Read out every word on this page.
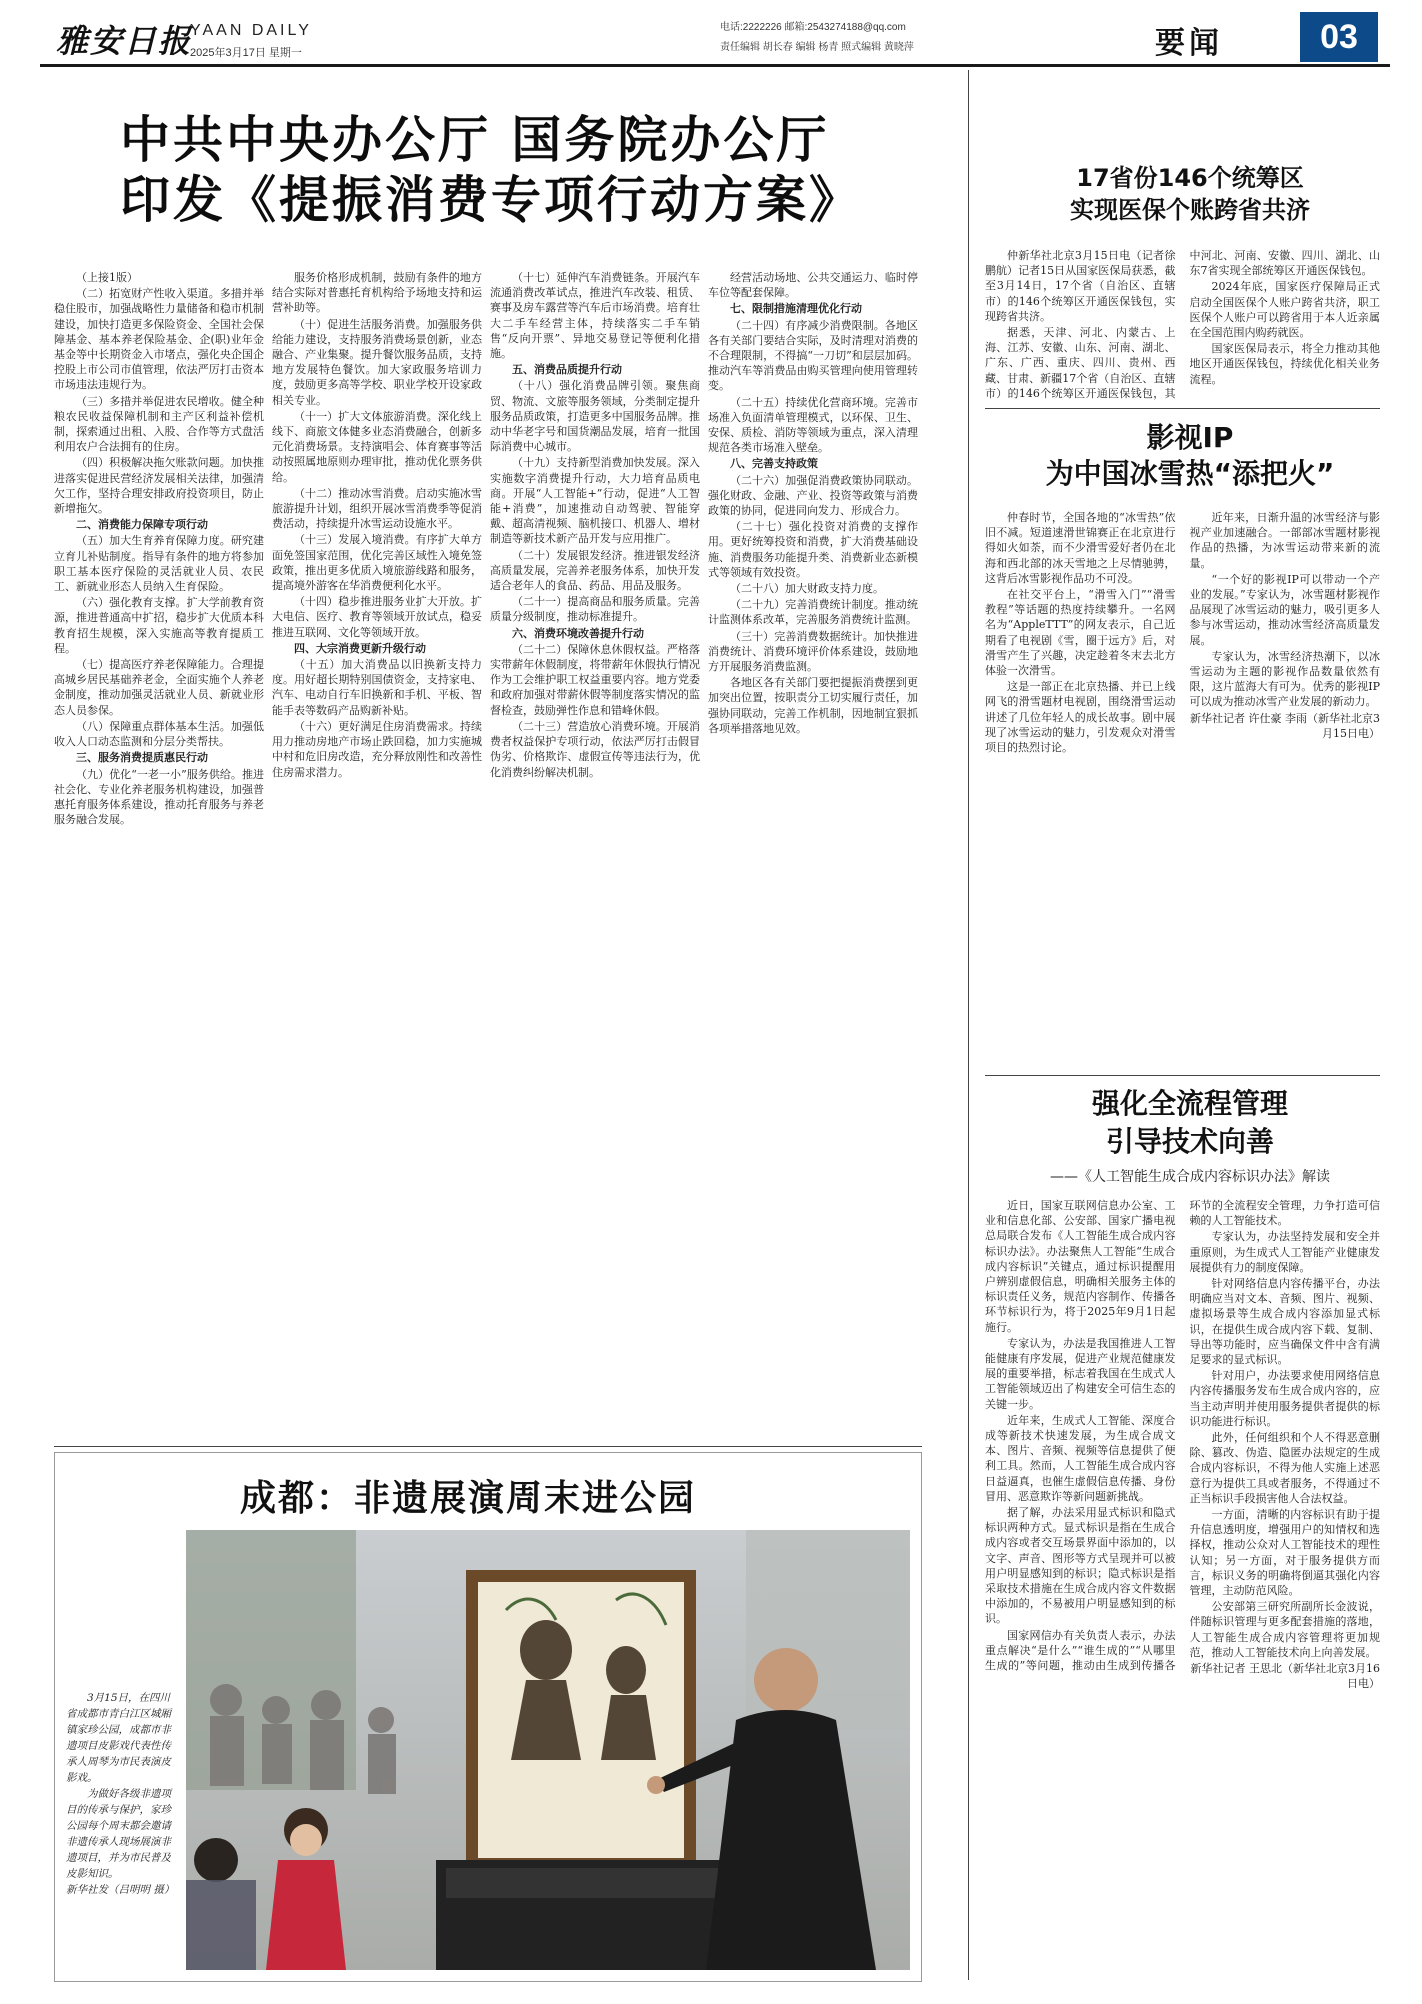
雅安日报
YAAN DAILY
2025年3月17日 星期一
电话:2222226 邮箱:2543274188@qq.com
责任编辑 胡长春 编辑 杨青 照式编辑 黄晓萍	要闻	03
中共中央办公厅 国务院办公厅
印发《提振消费专项行动方案》

（上接1版）

（二）拓宽财产性收入渠道。多措并举稳住股市，加强战略性力量储备和稳市机制建设，加快打造更多保险资金、全国社会保障基金、基本养老保险基金、企(职)业年金基金等中长期资金入市堵点，强化央企国企控股上市公司市值管理，依法严厉打击资本市场违法违规行为。

（三）多措并举促进农民增收。健全种粮农民收益保障机制和主产区利益补偿机制，探索通过出租、入股、合作等方式盘活利用农户合法拥有的住房。

（四）积极解决拖欠账款问题。加快推进落实促进民营经济发展相关法律，加强清欠工作，坚持合理安排政府投资项目，防止新增拖欠。

二、消费能力保障专项行动

（五）加大生育养育保障力度。研究建立育儿补贴制度。指导有条件的地方将参加职工基本医疗保险的灵活就业人员、农民工、新就业形态人员纳入生育保险。

（六）强化教育支撑。扩大学前教育资源，推进普通高中扩招，稳步扩大优质本科教育招生规模，深入实施高等教育提质工程。

（七）提高医疗养老保障能力。合理提高城乡居民基础养老金，全面实施个人养老金制度，推动加强灵活就业人员、新就业形态人员参保。

（八）保障重点群体基本生活。加强低收入人口动态监测和分层分类帮扶。

三、服务消费提质惠民行动

（九）优化“一老一小”服务供给。推进社会化、专业化养老服务机构建设，加强普惠托育服务体系建设，推动托育服务与养老服务融合发展。

服务价格形成机制，鼓励有条件的地方结合实际对普惠托育机构给予场地支持和运营补助等。

（十）促进生活服务消费。加强服务供给能力建设，支持服务消费场景创新，业态融合、产业集聚。提升餐饮服务品质，支持地方发展特色餐饮。加大家政服务培训力度，鼓励更多高等学校、职业学校开设家政相关专业。

（十一）扩大文体旅游消费。深化线上线下、商旅文体健多业态消费融合，创新多元化消费场景。支持演唱会、体育赛事等活动按照属地原则办理审批，推动优化票务供给。

（十二）推动冰雪消费。启动实施冰雪旅游提升计划，组织开展冰雪消费季等促消费活动，持续提升冰雪运动设施水平。

（十三）发展入境消费。有序扩大单方面免签国家范围，优化完善区域性入境免签政策，推出更多优质入境旅游线路和服务，提高境外游客在华消费便利化水平。

（十四）稳步推进服务业扩大开放。扩大电信、医疗、教育等领域开放试点，稳妥推进互联网、文化等领域开放。

四、大宗消费更新升级行动

（十五）加大消费品以旧换新支持力度。用好超长期特别国债资金，支持家电、汽车、电动自行车旧换新和手机、平板、智能手表等数码产品购新补贴。

（十六）更好满足住房消费需求。持续用力推动房地产市场止跌回稳，加力实施城中村和危旧房改造，充分释放刚性和改善性住房需求潜力。

（十七）延伸汽车消费链条。开展汽车流通消费改革试点，推进汽车改装、租赁、赛事及房车露营等汽车后市场消费。培育壮大二手车经营主体，持续落实二手车销售“反向开票”、异地交易登记等便利化措施。

五、消费品质提升行动

（十八）强化消费品牌引领。聚焦商贸、物流、文旅等服务领域，分类制定提升服务品质政策，打造更多中国服务品牌。推动中华老字号和国货潮品发展，培育一批国际消费中心城市。

（十九）支持新型消费加快发展。深入实施数字消费提升行动，大力培育品质电商。开展“人工智能+”行动，促进“人工智能+消费”，加速推动自动驾驶、智能穿戴、超高清视频、脑机接口、机器人、增材制造等新技术新产品开发与应用推广。

（二十）发展银发经济。推进银发经济高质量发展，完善养老服务体系，加快开发适合老年人的食品、药品、用品及服务。

（二十一）提高商品和服务质量。完善质量分级制度，推动标准提升。

六、消费环境改善提升行动

（二十二）保障休息休假权益。严格落实带薪年休假制度，将带薪年休假执行情况作为工会维护职工权益重要内容。地方党委和政府加强对带薪休假等制度落实情况的监督检查，鼓励弹性作息和错峰休假。

（二十三）营造放心消费环境。开展消费者权益保护专项行动，依法严厉打击假冒伪劣、价格欺诈、虚假宣传等违法行为，优化消费纠纷解决机制。

经营活动场地、公共交通运力、临时停车位等配套保障。

七、限制措施清理优化行动

（二十四）有序减少消费限制。各地区各有关部门要结合实际，及时清理对消费的不合理限制，不得搞“一刀切”和层层加码。推动汽车等消费品由购买管理向使用管理转变。

（二十五）持续优化营商环境。完善市场准入负面清单管理模式，以环保、卫生、安保、质检、消防等领域为重点，深入清理规范各类市场准入壁垒。

八、完善支持政策

（二十六）加强促消费政策协同联动。强化财政、金融、产业、投资等政策与消费政策的协同，促进同向发力、形成合力。

（二十七）强化投资对消费的支撑作用。更好统筹投资和消费，扩大消费基础设施、消费服务功能提升类、消费新业态新模式等领域有效投资。

（二十八）加大财政支持力度。

（二十九）完善消费统计制度。推动统计监测体系改革，完善服务消费统计监测。

（三十）完善消费数据统计。加快推进消费统计、消费环境评价体系建设，鼓励地方开展服务消费监测。

各地区各有关部门要把提振消费摆到更加突出位置，按职责分工切实履行责任，加强协同联动，完善工作机制，因地制宜狠抓各项举措落地见效。

17省份146个统筹区
实现医保个账跨省共济

仲新华社北京3月15日电（记者徐鹏航）记者15日从国家医保局获悉，截至3月14日，17个省（自治区、直辖市）的146个统筹区开通医保钱包，实现跨省共济。

据悉，天津、河北、内蒙古、上海、江苏、安徽、山东、河南、湖北、广东、广西、重庆、四川、贵州、西藏、甘肃、新疆17个省（自治区、直辖市）的146个统筹区开通医保钱包，其中河北、河南、安徽、四川、湖北、山东7省实现全部统筹区开通医保钱包。

2024年底，国家医疗保障局正式启动全国医保个人账户跨省共济，职工医保个人账户可以跨省用于本人近亲属在全国范围内购药就医。

国家医保局表示，将全力推动其他地区开通医保钱包，持续优化相关业务流程。

影视IP
为中国冰雪热“添把火”

仲春时节，全国各地的“冰雪热”依旧不减。短道速滑世锦赛正在北京进行得如火如荼，而不少滑雪爱好者仍在北海和西北部的冰天雪地之上尽情驰骋，这背后冰雪影视作品功不可没。

在社交平台上，“滑雪入门”“滑雪教程”等话题的热度持续攀升。一名网名为“AppleTTT”的网友表示，自己近期看了电视剧《雪，圈于远方》后，对滑雪产生了兴趣，决定趁着冬末去北方体验一次滑雪。

这是一部正在北京热播、并已上线网飞的滑雪题材电视剧，围绕滑雪运动讲述了几位年轻人的成长故事。剧中展现了冰雪运动的魅力，引发观众对滑雪项目的热烈讨论。

近年来，日渐升温的冰雪经济与影视产业加速融合。一部部冰雪题材影视作品的热播，为冰雪运动带来新的流量。

“一个好的影视IP可以带动一个产业的发展。”专家认为，冰雪题材影视作品展现了冰雪运动的魅力，吸引更多人参与冰雪运动，推动冰雪经济高质量发展。

专家认为，冰雪经济热潮下，以冰雪运动为主题的影视作品数量依然有限，这片蓝海大有可为。优秀的影视IP可以成为推动冰雪产业发展的新动力。

新华社记者 许仕豪 李雨（新华社北京3月15日电）

强化全流程管理
引导技术向善
——《人工智能生成合成内容标识办法》解读

近日，国家互联网信息办公室、工业和信息化部、公安部、国家广播电视总局联合发布《人工智能生成合成内容标识办法》。办法聚焦人工智能“生成合成内容标识”关键点，通过标识提醒用户辨别虚假信息，明确相关服务主体的标识责任义务，规范内容制作、传播各环节标识行为，将于2025年9月1日起施行。

专家认为，办法是我国推进人工智能健康有序发展，促进产业规范健康发展的重要举措，标志着我国在生成式人工智能领域迈出了构建安全可信生态的关键一步。

近年来，生成式人工智能、深度合成等新技术快速发展，为生成合成文本、图片、音频、视频等信息提供了便利工具。然而，人工智能生成合成内容日益逼真，也催生虚假信息传播、身份冒用、恶意欺诈等新问题新挑战。

据了解，办法采用显式标识和隐式标识两种方式。显式标识是指在生成合成内容或者交互场景界面中添加的，以文字、声音、图形等方式呈现并可以被用户明显感知到的标识；隐式标识是指采取技术措施在生成合成内容文件数据中添加的，不易被用户明显感知到的标识。

国家网信办有关负责人表示，办法重点解决“是什么”“谁生成的”“从哪里生成的”等问题，推动由生成到传播各环节的全流程安全管理，力争打造可信赖的人工智能技术。

专家认为，办法坚持发展和安全并重原则，为生成式人工智能产业健康发展提供有力的制度保障。

针对网络信息内容传播平台，办法明确应当对文本、音频、图片、视频、虚拟场景等生成合成内容添加显式标识，在提供生成合成内容下载、复制、导出等功能时，应当确保文件中含有满足要求的显式标识。

针对用户，办法要求使用网络信息内容传播服务发布生成合成内容的，应当主动声明并使用服务提供者提供的标识功能进行标识。

此外，任何组织和个人不得恶意删除、篡改、伪造、隐匿办法规定的生成合成内容标识，不得为他人实施上述恶意行为提供工具或者服务，不得通过不正当标识手段损害他人合法权益。

一方面，清晰的内容标识有助于提升信息透明度，增强用户的知情权和选择权，推动公众对人工智能技术的理性认知；另一方面，对于服务提供方而言，标识义务的明确将倒逼其强化内容管理，主动防范风险。

公安部第三研究所副所长金波说，伴随标识管理与更多配套措施的落地，人工智能生成合成内容管理将更加规范，推动人工智能技术向上向善发展。

新华社记者 王思北（新华社北京3月16日电）

成都：非遗展演周末进公园

3月15日，在四川省成都市青白江区城厢镇家珍公园，成都市非遗项目皮影戏代表性传承人周琴为市民表演皮影戏。

为做好各级非遗项目的传承与保护，家珍公园每个周末都会邀请非遗传承人现场展演非遗项目，并为市民普及皮影知识。

新华社发（吕明明 摄）
